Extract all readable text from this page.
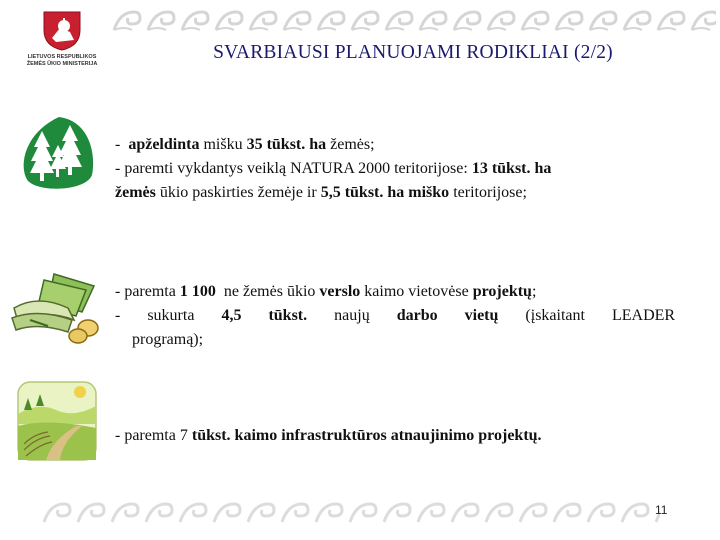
LIETUVOS RESPUBLIKOS
ŽEMĖS ŪKIO MINISTERIJA
SVARBIAUSI PLANUOJAMI RODIKLIAI (2/2)

- apželdinta mišku 35 tūkst. ha žemės;

- paremti vykdantys veiklą NATURA 2000 teritorijose: 13 tūkst. ha
žemės ūkio paskirties žemėje ir 5,5 tūkst. ha miško teritorijose;

- paremta 1 100 ne žemės ūkio verslo kaimo vietovėse projektų;

- sukurta 4,5 tūkst. naujų darbo vietų (įskaitant LEADER

programą);

- paremta 7 tūkst. kaimo infrastruktūros atnaujinimo projektų.

11
